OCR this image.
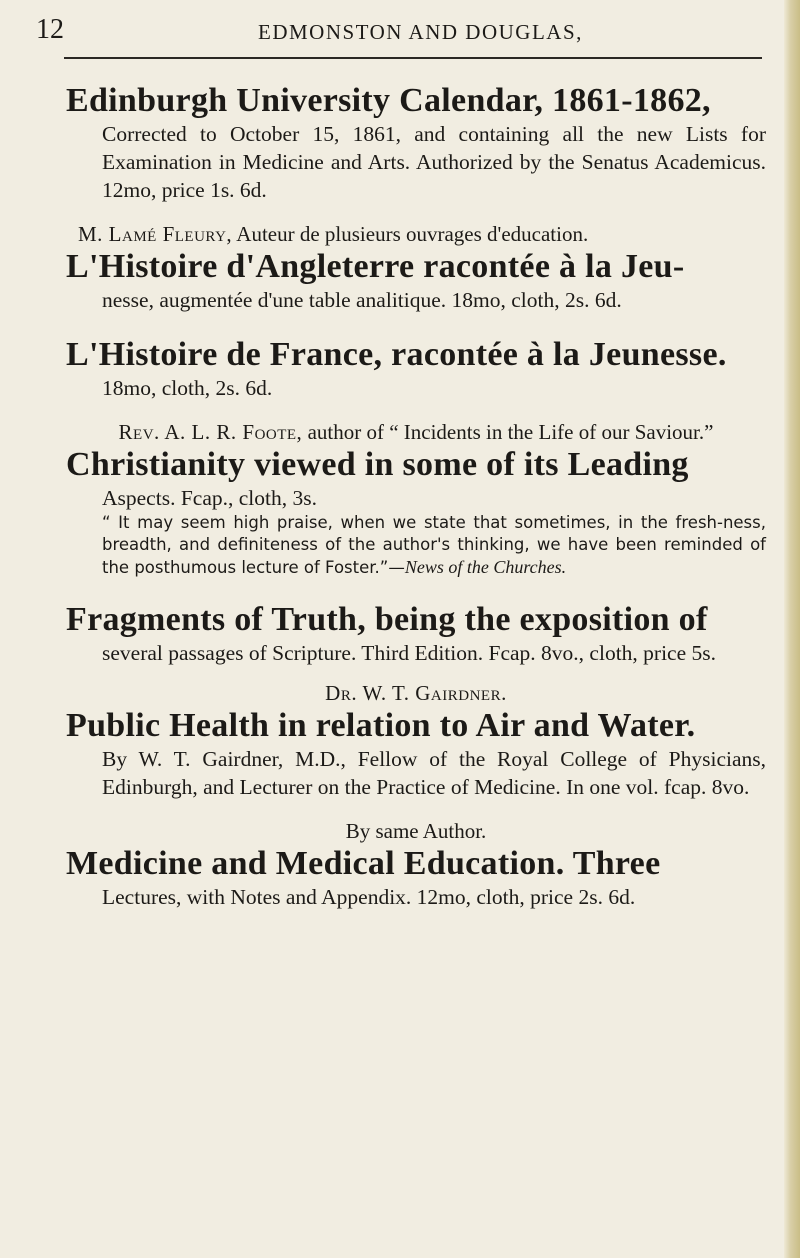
12	EDMONSTON AND DOUGLAS,
Edinburgh University Calendar, 1861-1862,
Corrected to October 15, 1861, and containing all the new Lists for Examination in Medicine and Arts. Authorized by the Senatus Academicus. 12mo, price 1s. 6d.
M. Lamé Fleury, Auteur de plusieurs ouvrages d'education.
L'Histoire d'Angleterre racontée à la Jeu-
nesse, augmentée d'une table analitique. 18mo, cloth, 2s. 6d.
L'Histoire de France, racontée à la Jeunesse.
18mo, cloth, 2s. 6d.
Rev. A. L. R. Foote, author of “ Incidents in the Life of our Saviour.”
Christianity viewed in some of its Leading
Aspects. Fcap., cloth, 3s.
“ It may seem high praise, when we state that sometimes, in the fresh-ness, breadth, and definiteness of the author's thinking, we have been reminded of the posthumous lecture of Foster.”—News of the Churches.
Fragments of Truth, being the exposition of
several passages of Scripture. Third Edition. Fcap. 8vo., cloth, price 5s.
Dr. W. T. Gairdner.
Public Health in relation to Air and Water.
By W. T. Gairdner, M.D., Fellow of the Royal College of Physicians, Edinburgh, and Lecturer on the Practice of Medicine. In one vol. fcap. 8vo.
By same Author.
Medicine and Medical Education. Three
Lectures, with Notes and Appendix. 12mo, cloth, price 2s. 6d.
